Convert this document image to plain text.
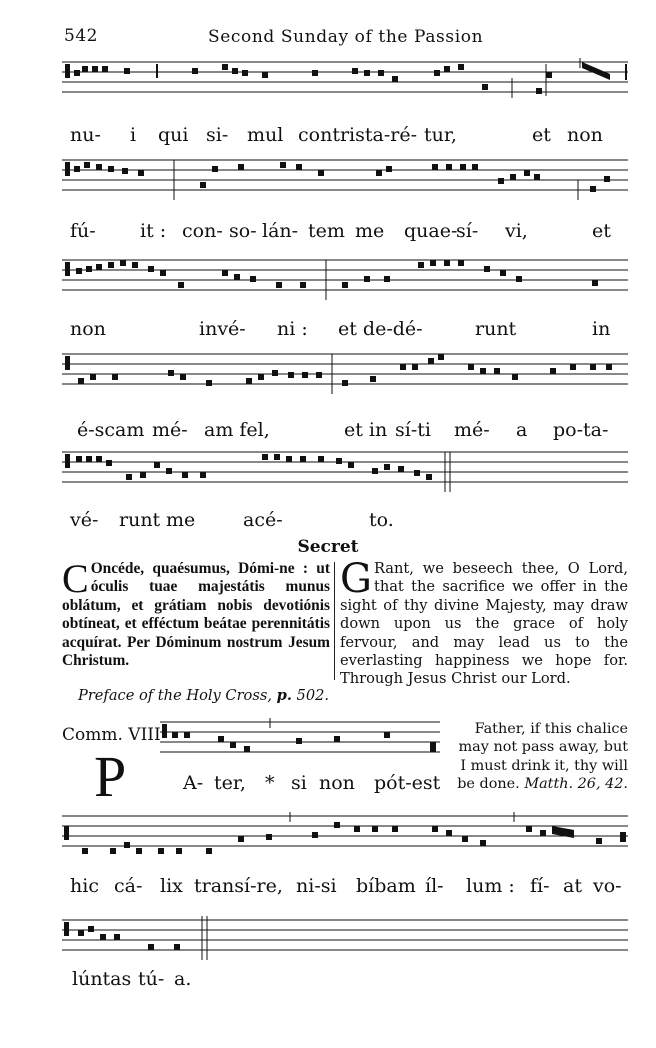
542	Second Sunday of the Passion
nu- i qui si- mul contrista-ré- tur,	et non
fú- it : con- so- lán- tem me quae-
sí- vi,	et
non	invé- ni : et de-dé-	runt	in
é-scam mé- am fel,	et in sí-ti mé- a po-ta-
vé- runt me	acé-	to.
Secret

C Oncéde, quaésumus, Dómi-ne : ut óculis tuae majestátis munus oblátum, et grátiam nobis devotiónis obtíneat, et efféctum beátae perennitátis acquírat. Per Dóminum nostrum Jesum Christum.

G Rant, we beseech thee, O Lord, that the sacrifice we offer in the sight of thy divine Majesty, may draw down upon us the grace of holy fervour, and may lead us to the everlasting happiness we hope for. Through Jesus Christ our Lord.

Preface of the Holy Cross, p. 502.
Comm. VIII
P	A- ter, * si non pót-est
Father, if this chalice may not pass away, but I must drink it, thy will be done. Matth. 26, 42.
hic cá- lix transí-re, ni-si bíbam íl- lum : fí- at vo-
lúntas tú- a.
